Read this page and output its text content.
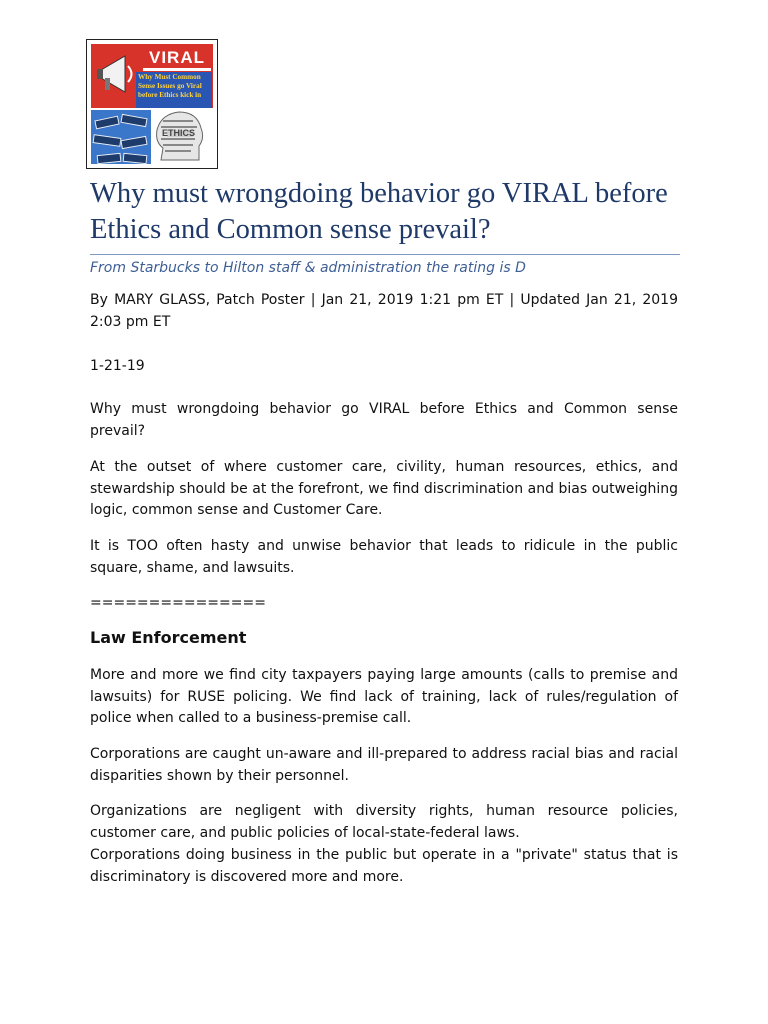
VIRAL
Why Must Common Sense Issues go Viral before Ethics kick in
ETHICS
Why must wrongdoing behavior go VIRAL before Ethics and Common sense prevail?
From Starbucks to Hilton staff & administration the rating is D

By MARY GLASS, Patch Poster | Jan 21, 2019 1:21 pm ET | Updated Jan 21, 2019 2:03 pm ET

1-21-19

Why must wrongdoing behavior go VIRAL before Ethics and Common sense prevail?

At the outset of where customer care, civility, human resources, ethics, and stewardship should be at the forefront, we find discrimination and bias outweighing logic, common sense and Customer Care.

It is TOO often hasty and unwise behavior that leads to ridicule in the public square, shame, and lawsuits.

===============

Law Enforcement

More and more we find city taxpayers paying large amounts (calls to premise and lawsuits) for RUSE policing. We find lack of training, lack of rules/regulation of police when called to a business-premise call.

Corporations are caught un-aware and ill-prepared to address racial bias and racial disparities shown by their personnel.

Organizations are negligent with diversity rights, human resource policies, customer care, and public policies of local-state-federal laws.

Corporations doing business in the public but operate in a "private" status that is discriminatory is discovered more and more.
